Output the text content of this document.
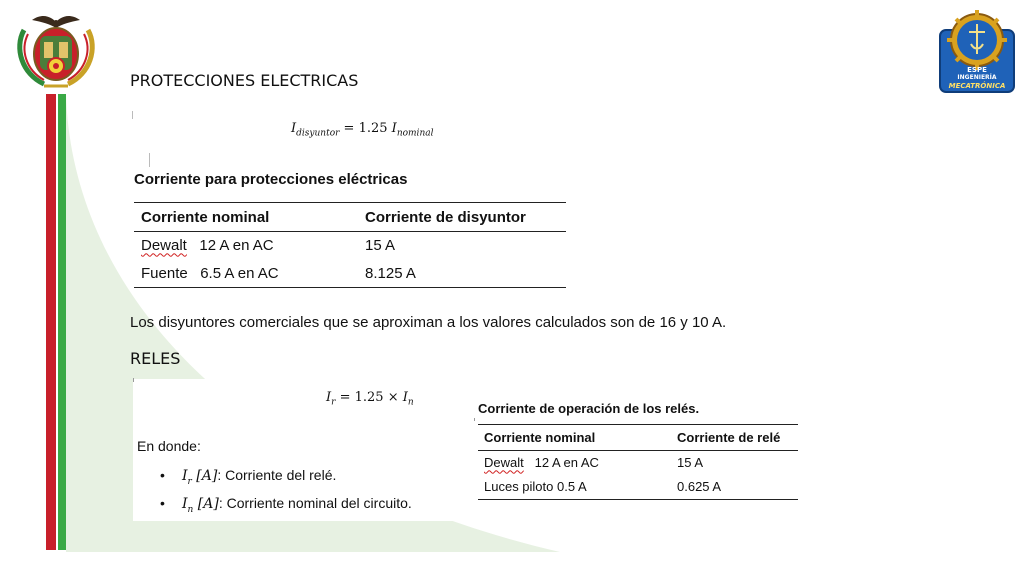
ESPE
INGENIERÍA
MECATRÓNICA
PROTECCIONES ELECTRICAS
$I_{disyuntor} = 1.25$ $I_{nominal}$
Corriente para protecciones eléctricas
Corriente nominal	Corriente de disyuntor
Dewalt 12 A en AC	15 A
Fuente 6.5 A en AC	8.125 A
Los disyuntores comerciales que se aproximan a los valores calculados son de 16 y 10 A.
RELES
$I_r = 1.25 \times I_n$
En donde:
• $I_r$ [A]: Corriente del relé.
• $I_n$ [A]: Corriente nominal del circuito.
Corriente de operación de los relés.
Corriente nominal	Corriente de relé
Dewalt 12 A en AC	15 A
Luces piloto 0.5 A	0.625 A
